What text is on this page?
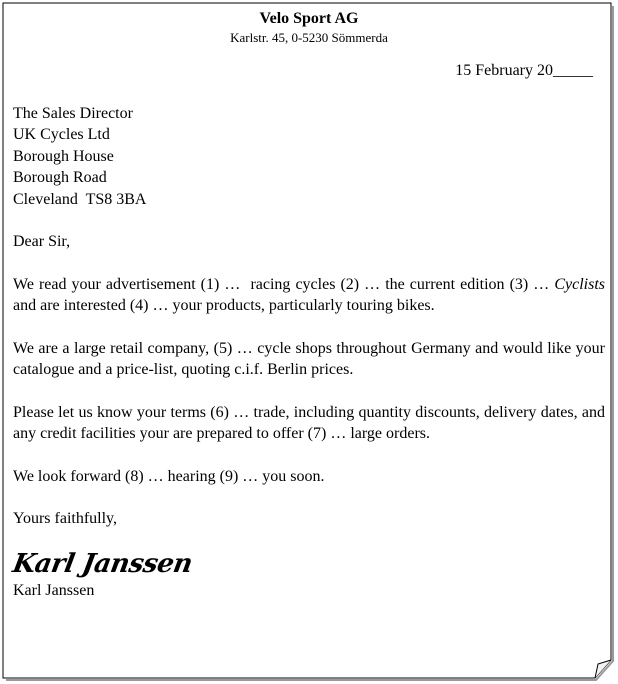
Velo Sport AG
Karlstr. 45, 0-5230 Sömmerda
15 February 20_____
The Sales Director
UK Cycles Ltd
Borough House
Borough Road
Cleveland  TS8 3BA

Dear Sir,

We read your advertisement (1) …  racing cycles (2) … the current edition (3) … Cyclists and are interested (4) … your products, particularly touring bikes.

We are a large retail company, (5) … cycle shops throughout Germany and would like your catalogue and a price-list, quoting c.i.f. Berlin prices.

Please let us know your terms (6) … trade, including quantity discounts, delivery dates, and any credit facilities your are prepared to offer (7) … large orders.

We look forward (8) … hearing (9) … you soon.

Yours faithfully,

Karl Janssen
Karl Janssen
